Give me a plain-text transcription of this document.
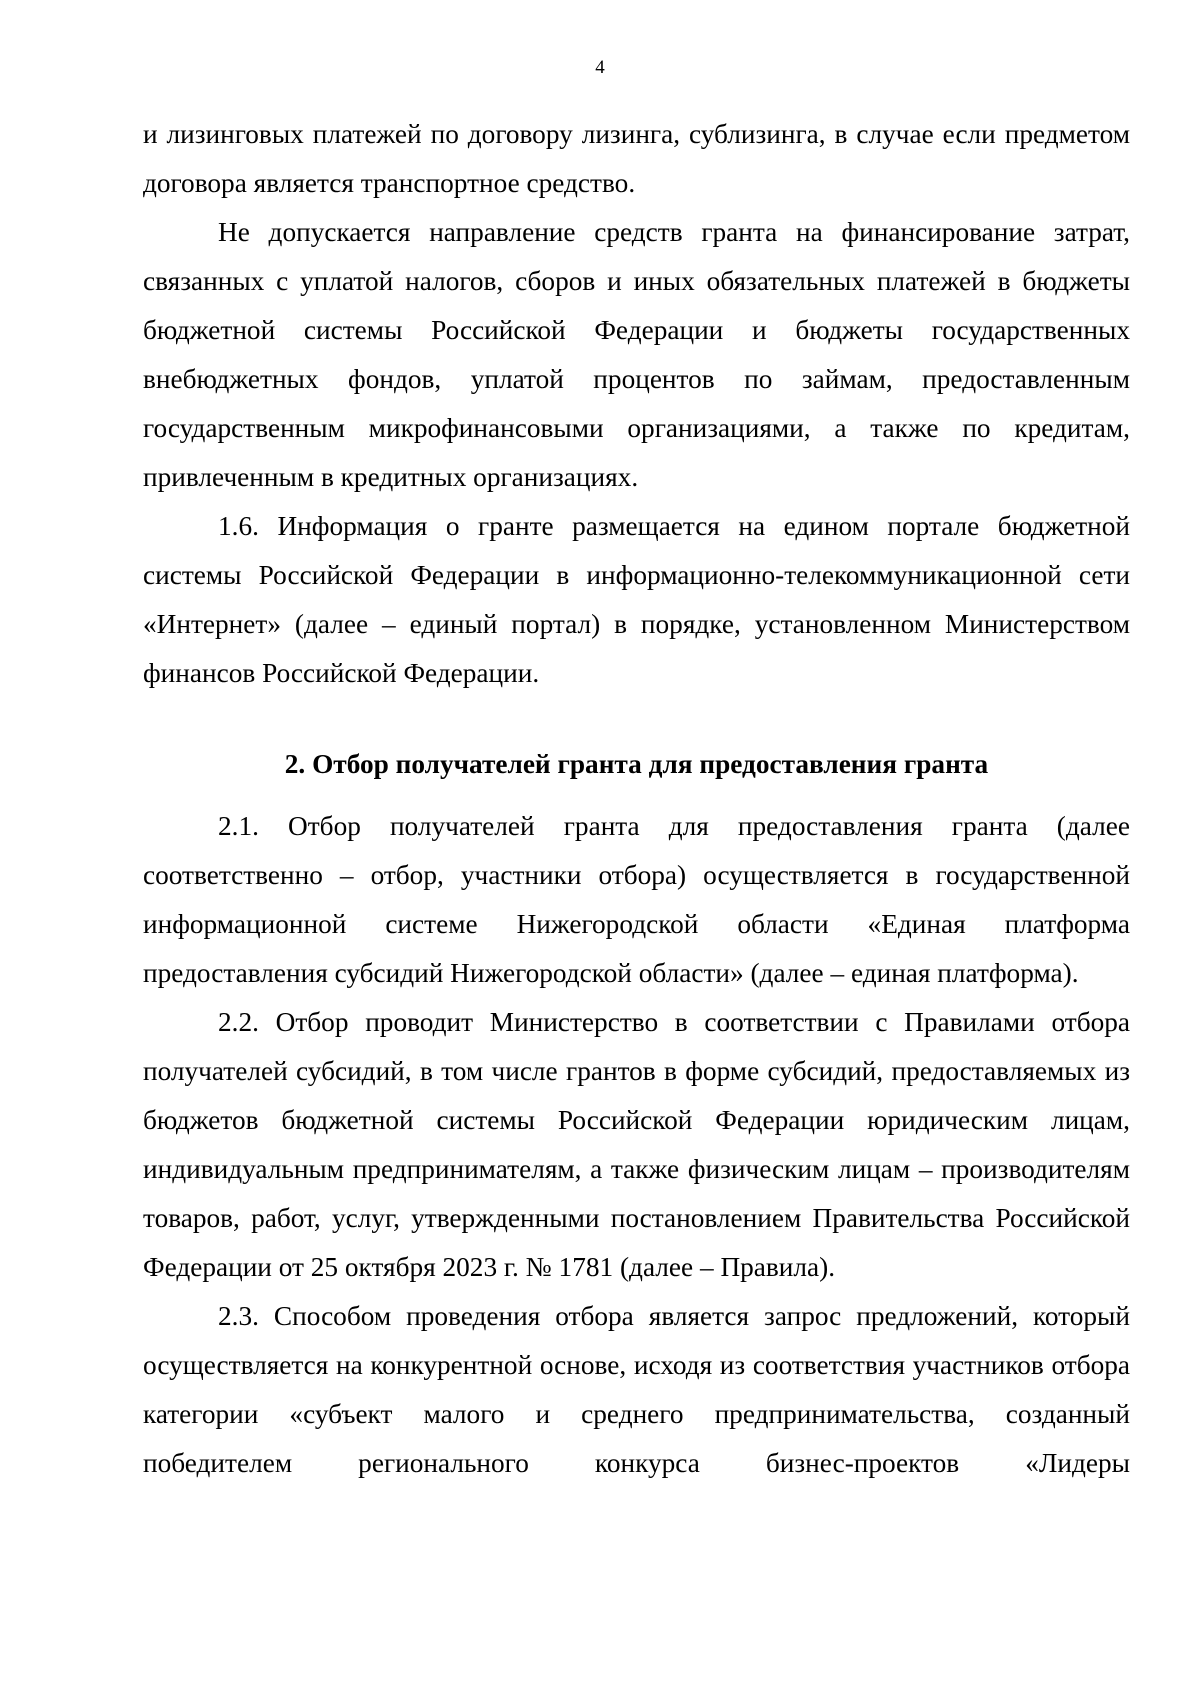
4

и лизинговых платежей по договору лизинга, сублизинга, в случае если предметом договора является транспортное средство.

Не допускается направление средств гранта на финансирование затрат, связанных с уплатой налогов, сборов и иных обязательных платежей в бюджеты бюджетной системы Российской Федерации и бюджеты государственных внебюджетных фондов, уплатой процентов по займам, предоставленным государственным микрофинансовыми организациями, а также по кредитам, привлеченным в кредитных организациях.

1.6. Информация о гранте размещается на едином портале бюджетной системы Российской Федерации в информационно-телекоммуникационной сети «Интернет» (далее – единый портал) в порядке, установленном Министерством финансов Российской Федерации.

2. Отбор получателей гранта для предоставления гранта

2.1. Отбор получателей гранта для предоставления гранта (далее соответственно – отбор, участники отбора) осуществляется в государственной информационной системе Нижегородской области «Единая платформа предоставления субсидий Нижегородской области» (далее – единая платформа).

2.2. Отбор проводит Министерство в соответствии с Правилами отбора получателей субсидий, в том числе грантов в форме субсидий, предоставляемых из бюджетов бюджетной системы Российской Федерации юридическим лицам, индивидуальным предпринимателям, а также физическим лицам – производителям товаров, работ, услуг, утвержденными постановлением Правительства Российской Федерации от 25 октября 2023 г. № 1781 (далее – Правила).

2.3. Способом проведения отбора является запрос предложений, который осуществляется на конкурентной основе, исходя из соответствия участников отбора категории «субъект малого и среднего предпринимательства, созданный победителем регионального конкурса бизнес-проектов «Лидеры
